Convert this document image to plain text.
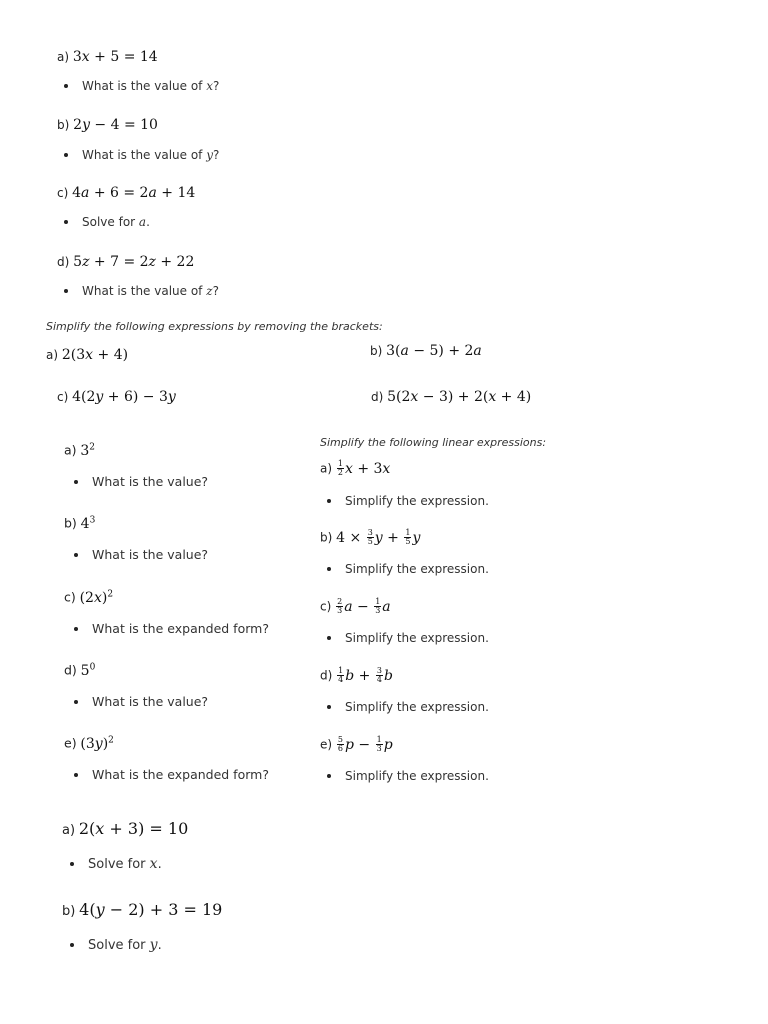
a) 3x + 5 = 14
What is the value of x?
b) 2y − 4 = 10
What is the value of y?
c) 4a + 6 = 2a + 14
Solve for a.
d) 5z + 7 = 2z + 22
What is the value of z?
Simplify the following expressions by removing the brackets:
a) 2(3x + 4)	b) 3(a − 5) + 2a
c) 4(2y + 6) − 3y	d) 5(2x − 3) + 2(x + 4)
a) $3^2$
What is the value?
b) $4^3$
What is the value?
c) $(2x)^2$
What is the expanded form?
d) $5^0$
What is the value?
e) $(3y)^2$
What is the expanded form?
Simplify the following linear expressions:
$a) \frac{1}{2}$ x + 3x
Simplify the expression.
b) $4 \times \frac{3}{5}$ $y + \frac{1}{5}$ y
Simplify the expression.
$c) \frac{2}{3}$ $a - \frac{1}{3}$ a
Simplify the expression.
$d) \frac{1}{4}$ $b + \frac{3}{4}$ b
Simplify the expression.
$e) \frac{5}{6}$ $p - \frac{1}{3}$ p
Simplify the expression.
a) 2(x + 3) = 10
Solve for x.
b) 4(y − 2) + 3 = 19
Solve for y.
